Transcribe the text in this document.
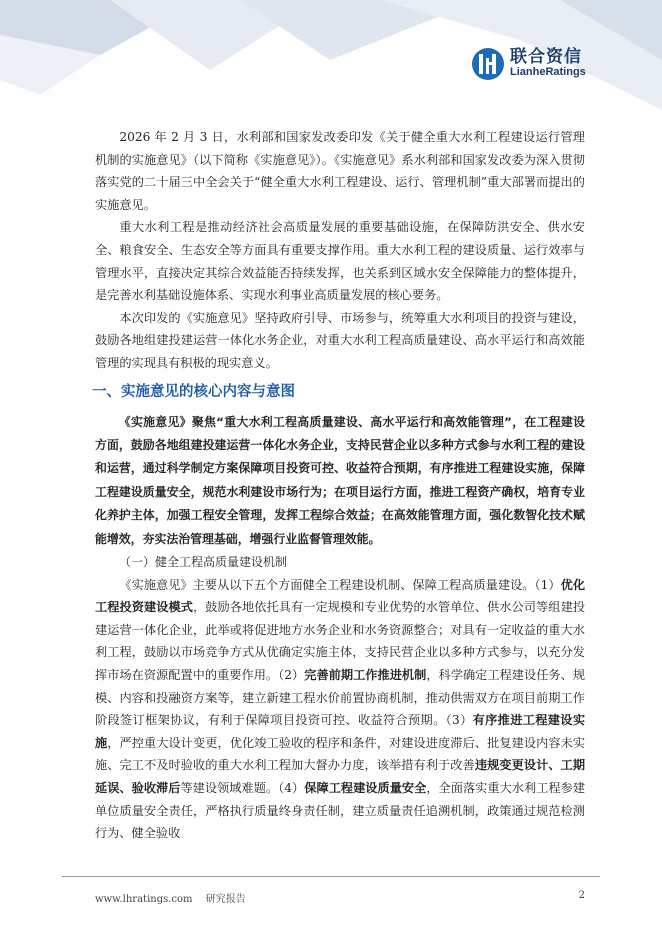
联合资信
LianheRatings

2026 年 2 月 3 日，水利部和国家发改委印发《关于健全重大水利工程建设运行管理机制的实施意见》（以下简称《实施意见》）。《实施意见》系水利部和国家发改委为深入贯彻落实党的二十届三中全会关于“健全重大水利工程建设、运行、管理机制”重大部署而提出的实施意见。

重大水利工程是推动经济社会高质量发展的重要基础设施，在保障防洪安全、供水安全、粮食安全、生态安全等方面具有重要支撑作用。重大水利工程的建设质量、运行效率与管理水平，直接决定其综合效益能否持续发挥，也关系到区域水安全保障能力的整体提升，是完善水利基础设施体系、实现水利事业高质量发展的核心要务。

本次印发的《实施意见》坚持政府引导、市场参与，统筹重大水利项目的投资与建设，鼓励各地组建投建运营一体化水务企业，对重大水利工程高质量建设、高水平运行和高效能管理的实现具有积极的现实意义。

一、实施意见的核心内容与意图

《实施意见》聚焦“重大水利工程高质量建设、高水平运行和高效能管理”，在工程建设方面，鼓励各地组建投建运营一体化水务企业，支持民营企业以多种方式参与水利工程的建设和运营，通过科学制定方案保障项目投资可控、收益符合预期，有序推进工程建设实施，保障工程建设质量安全，规范水利建设市场行为；在项目运行方面，推进工程资产确权，培育专业化养护主体，加强工程安全管理，发挥工程综合效益；在高效能管理方面，强化数智化技术赋能增效，夯实法治管理基础，增强行业监督管理效能。

（一）健全工程高质量建设机制

《实施意见》主要从以下五个方面健全工程建设机制、保障工程高质量建设。（1）优化工程投资建设模式，鼓励各地依托具有一定规模和专业优势的水管单位、供水公司等组建投建运营一体化企业，此举或将促进地方水务企业和水务资源整合；对具有一定收益的重大水利工程，鼓励以市场竞争方式从优确定实施主体，支持民营企业以多种方式参与，以充分发挥市场在资源配置中的重要作用。（2）完善前期工作推进机制，科学确定工程建设任务、规模、内容和投融资方案等，建立新建工程水价前置协商机制，推动供需双方在项目前期工作阶段签订框架协议，有利于保障项目投资可控、收益符合预期。（3）有序推进工程建设实施，严控重大设计变更，优化竣工验收的程序和条件，对建设进度滞后、批复建设内容未实施、完工不及时验收的重大水利工程加大督办力度，该举措有利于改善违规变更设计、工期延误、验收滞后等建设领域难题。（4）保障工程建设质量安全，全面落实重大水利工程参建单位质量安全责任，严格执行质量终身责任制，建立质量责任追溯机制，政策通过规范检测行为、健全验收

www.lhratings.com 研究报告	2
